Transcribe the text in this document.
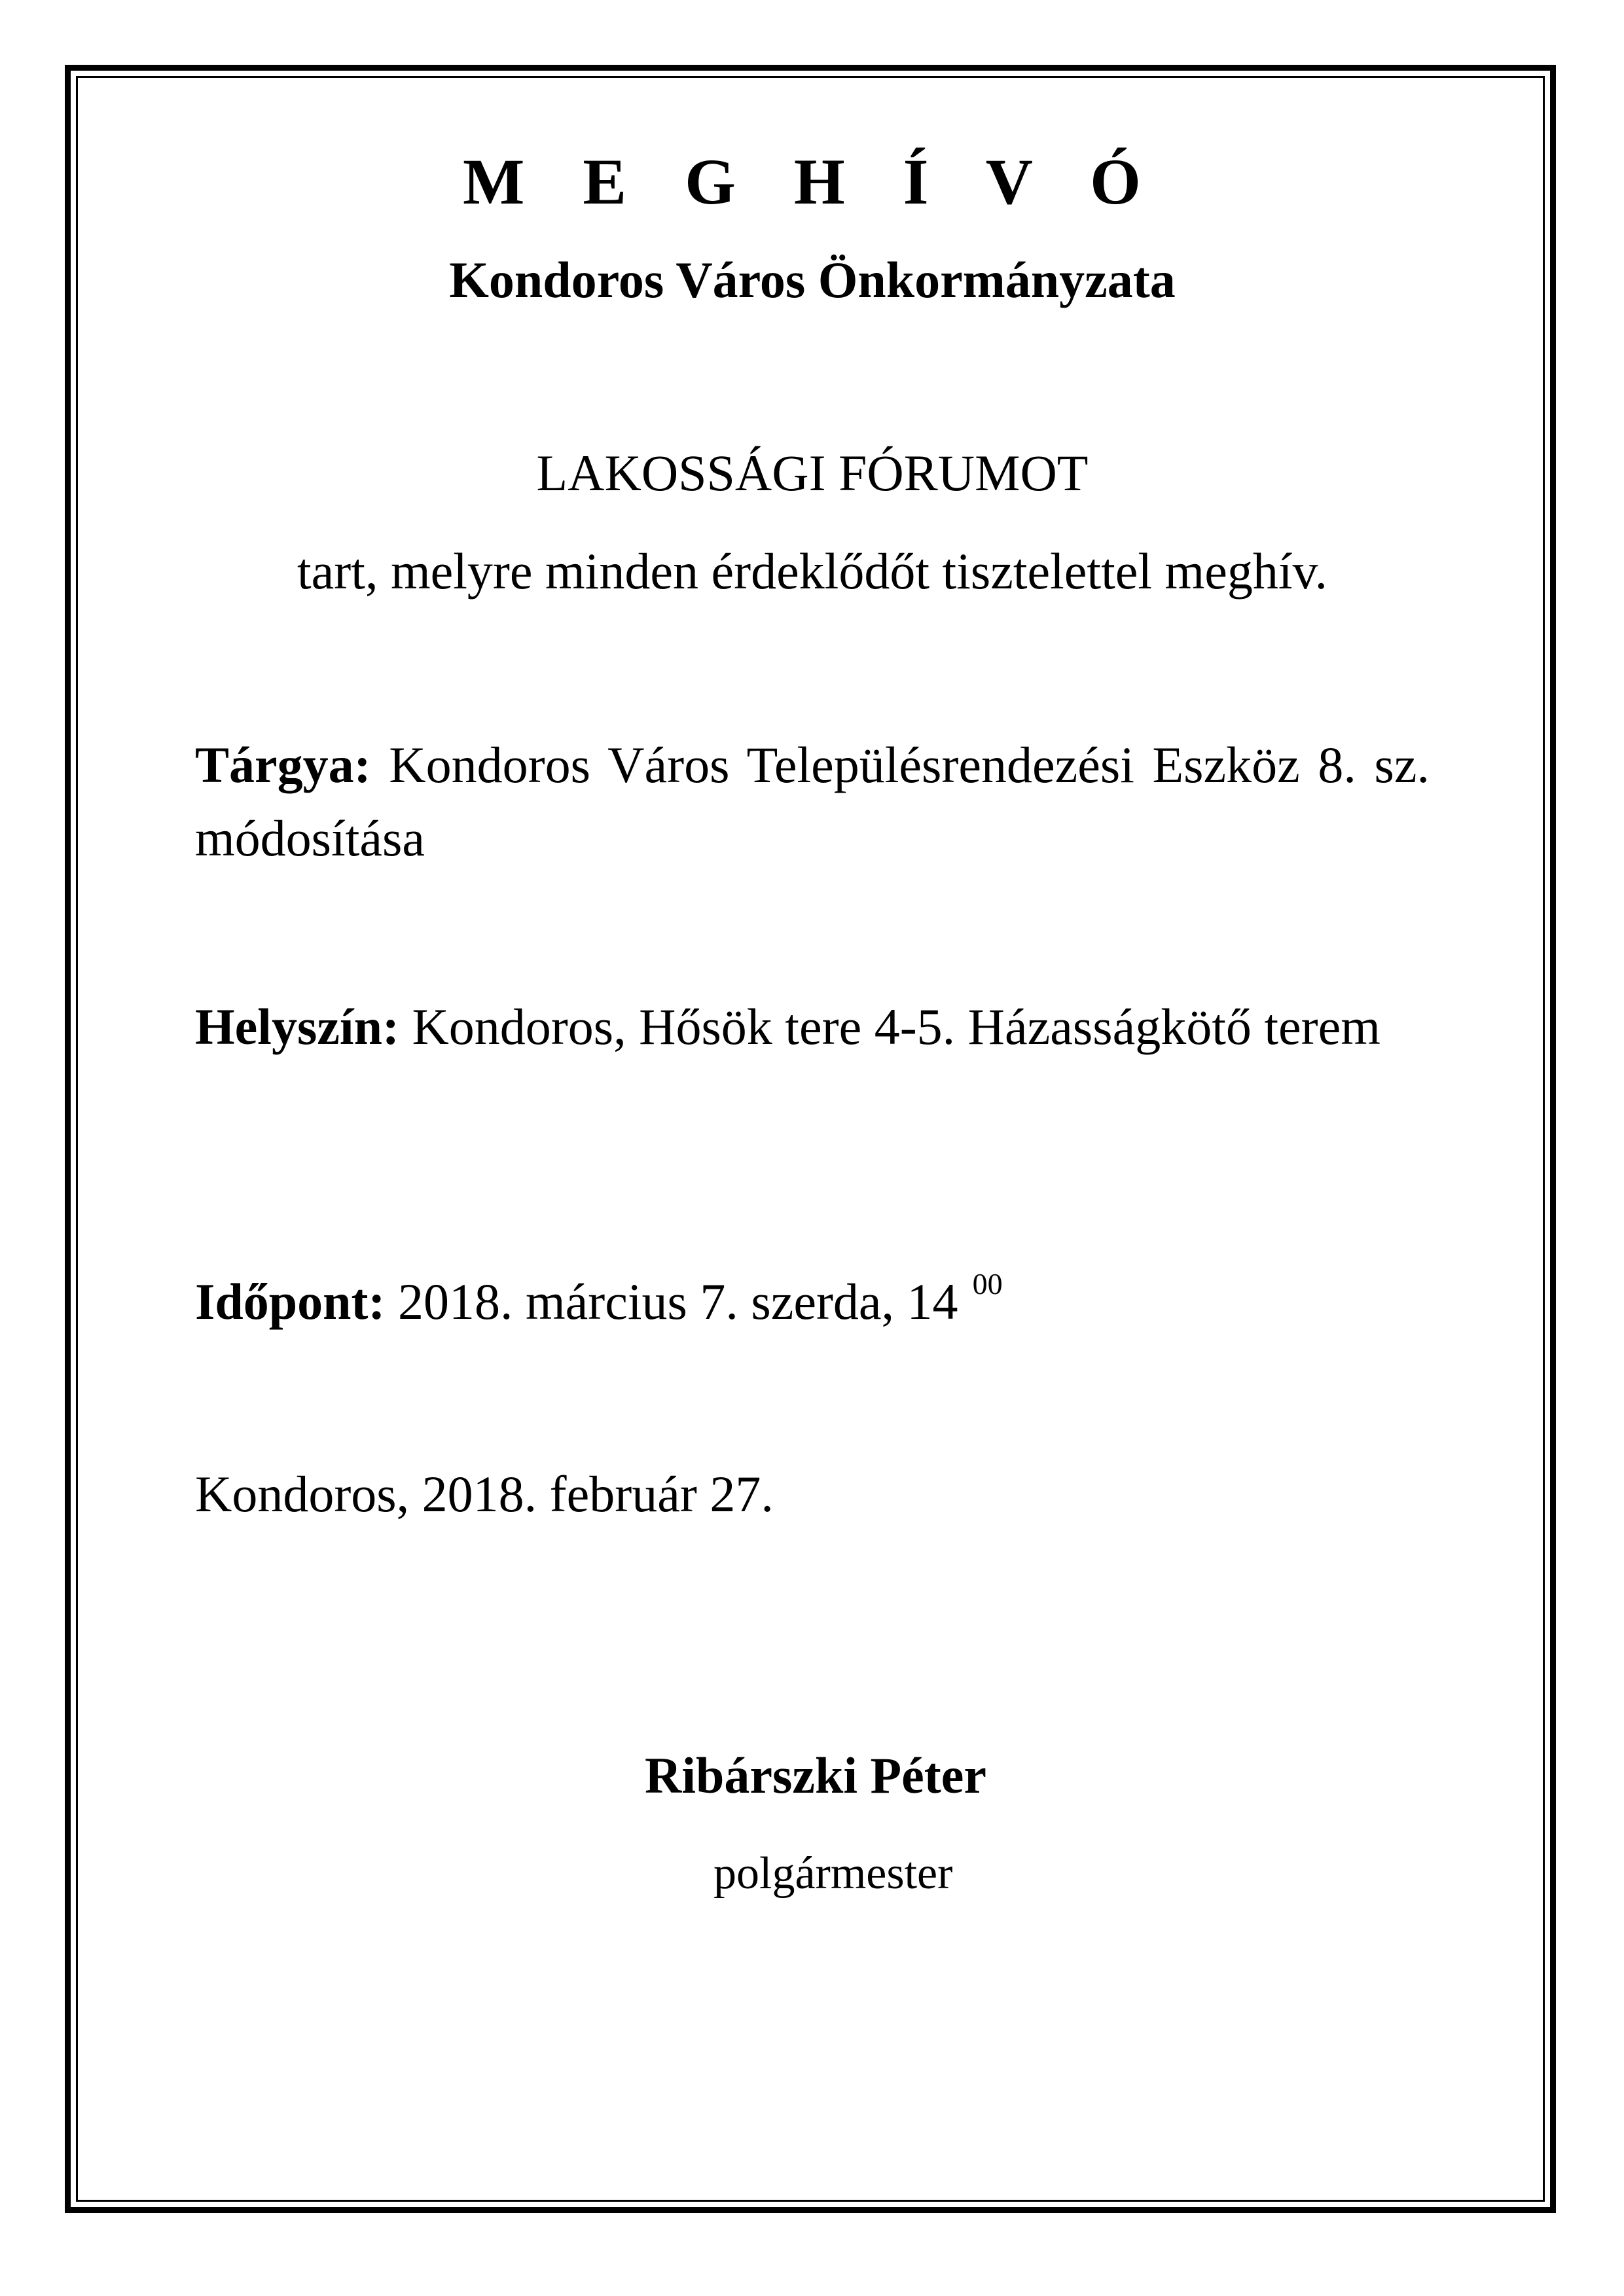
M E G H Í V Ó
Kondoros Város Önkormányzata
LAKOSSÁGI FÓRUMOT
tart, melyre minden érdeklődőt tisztelettel meghív.
Tárgya: Kondoros Város Településrendezési Eszköz 8. sz. módosítása
Helyszín: Kondoros, Hősök tere 4-5. Házasságkötő terem
Időpont: 2018. március 7. szerda, 14 $^{00}$
Kondoros, 2018. február 27.
Ribárszki Péter
polgármester
